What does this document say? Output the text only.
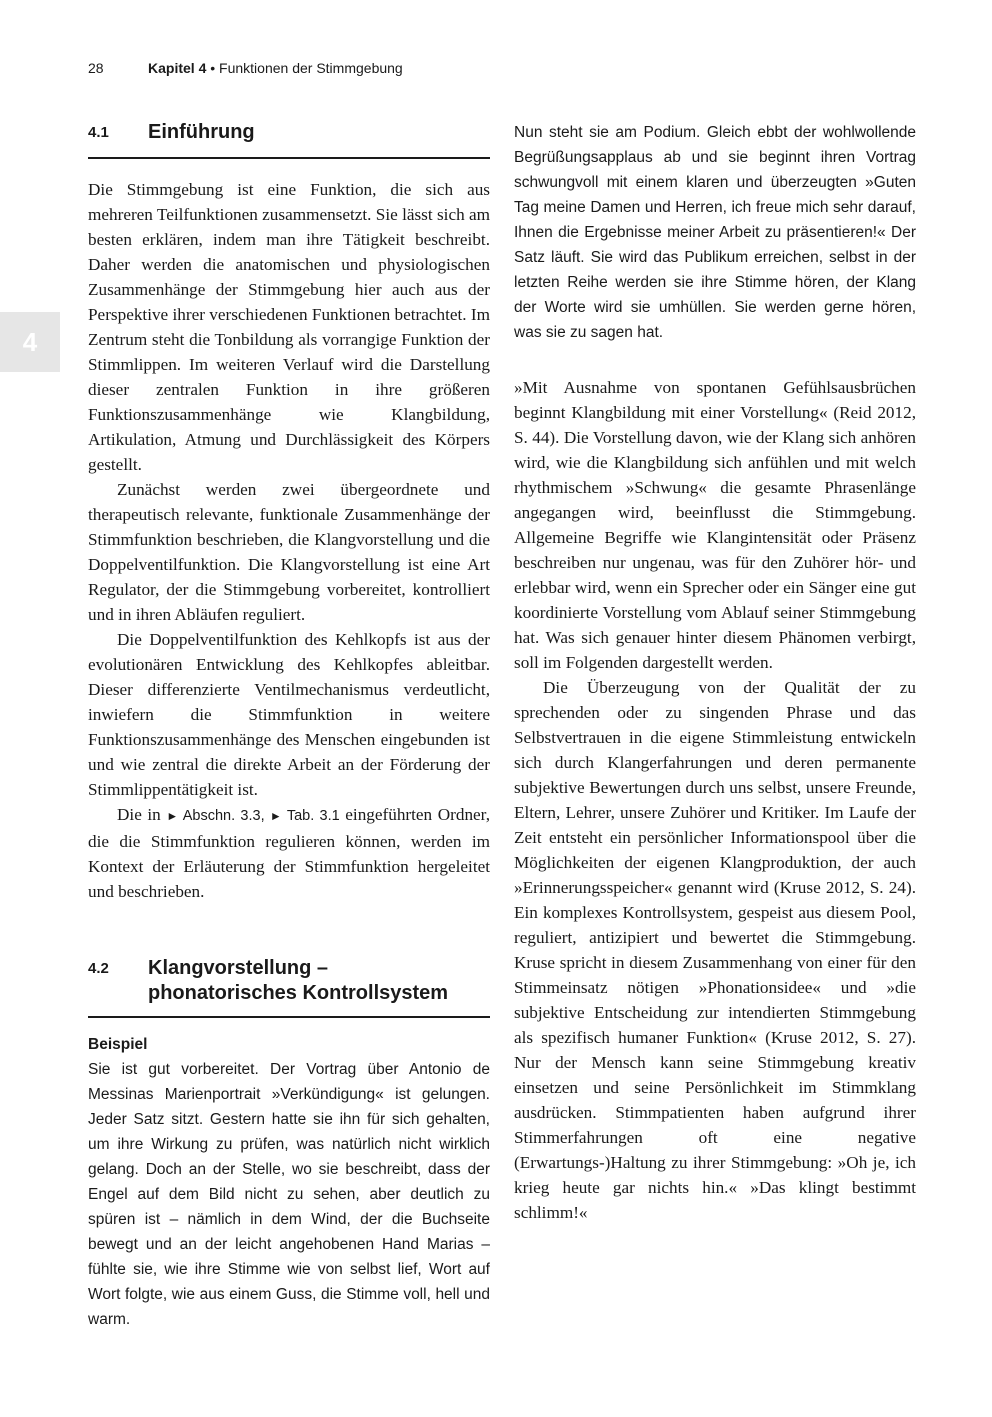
28	Kapitel 4 • Funktionen der Stimmgebung
4
4.1	Einführung

Die Stimmgebung ist eine Funktion, die sich aus mehreren Teilfunktionen zusammensetzt. Sie lässt sich am besten erklären, indem man ihre Tätigkeit beschreibt. Daher werden die anatomischen und physiologischen Zusammenhänge der Stimmgebung hier auch aus der Perspektive ihrer verschiedenen Funktionen betrachtet. Im Zentrum steht die Tonbildung als vorrangige Funktion der Stimmlippen. Im weiteren Verlauf wird die Darstellung dieser zentralen Funktion in ihre größeren Funktionszusammenhänge wie Klangbildung, Artikulation, Atmung und Durchlässigkeit des Körpers gestellt.

Zunächst werden zwei übergeordnete und therapeutisch relevante, funktionale Zusammenhänge der Stimmfunktion beschrieben, die Klangvorstellung und die Doppelventilfunktion. Die Klangvorstellung ist eine Art Regulator, der die Stimmgebung vorbereitet, kontrolliert und in ihren Abläufen reguliert.

Die Doppelventilfunktion des Kehlkopfs ist aus der evolutionären Entwicklung des Kehlkopfes ableitbar. Dieser differenzierte Ventilmechanismus verdeutlicht, inwiefern die Stimmfunktion in weitere Funktionszusammenhänge des Menschen eingebunden ist und wie zentral die direkte Arbeit an der Förderung der Stimmlippentätigkeit ist.

Die in ► Abschn. 3.3, ► Tab. 3.1 eingeführten Ordner, die die Stimmfunktion regulieren können, werden im Kontext der Erläuterung der Stimmfunktion hergeleitet und beschrieben.

4.2	Klangvorstellung –
phonatorisches Kontrollsystem

Beispiel

Sie ist gut vorbereitet. Der Vortrag über Antonio de Messinas Marienportrait »Verkündigung« ist gelungen. Jeder Satz sitzt. Gestern hatte sie ihn für sich gehalten, um ihre Wirkung zu prüfen, was natürlich nicht wirklich gelang. Doch an der Stelle, wo sie beschreibt, dass der Engel auf dem Bild nicht zu sehen, aber deutlich zu spüren ist – nämlich in dem Wind, der die Buchseite bewegt und an der leicht angehobenen Hand Marias – fühlte sie, wie ihre Stimme wie von selbst lief, Wort auf Wort folgte, wie aus einem Guss, die Stimme voll, hell und warm.

Nun steht sie am Podium. Gleich ebbt der wohlwollende Begrüßungsapplaus ab und sie beginnt ihren Vortrag schwungvoll mit einem klaren und überzeugten »Guten Tag meine Damen und Herren, ich freue mich sehr darauf, Ihnen die Ergebnisse meiner Arbeit zu präsentieren!« Der Satz läuft. Sie wird das Publikum erreichen, selbst in der letzten Reihe werden sie ihre Stimme hören, der Klang der Worte wird sie umhüllen. Sie werden gerne hören, was sie zu sagen hat.

»Mit Ausnahme von spontanen Gefühlsausbrüchen beginnt Klangbildung mit einer Vorstellung« (Reid 2012, S. 44). Die Vorstellung davon, wie der Klang sich anhören wird, wie die Klangbildung sich anfühlen und mit welch rhythmischem »Schwung« die gesamte Phrasenlänge angegangen wird, beeinflusst die Stimmgebung. Allgemeine Begriffe wie Klangintensität oder Präsenz beschreiben nur ungenau, was für den Zuhörer hör- und erlebbar wird, wenn ein Sprecher oder ein Sänger eine gut koordinierte Vorstellung vom Ablauf seiner Stimmgebung hat. Was sich genauer hinter diesem Phänomen verbirgt, soll im Folgenden dargestellt werden.

Die Überzeugung von der Qualität der zu sprechenden oder zu singenden Phrase und das Selbstvertrauen in die eigene Stimmleistung entwickeln sich durch Klangerfahrungen und deren permanente subjektive Bewertungen durch uns selbst, unsere Freunde, Eltern, Lehrer, unsere Zuhörer und Kritiker. Im Laufe der Zeit entsteht ein persönlicher Informationspool über die Möglichkeiten der eigenen Klangproduktion, der auch »Erinnerungsspeicher« genannt wird (Kruse 2012, S. 24). Ein komplexes Kontrollsystem, gespeist aus diesem Pool, reguliert, antizipiert und bewertet die Stimmgebung. Kruse spricht in diesem Zusammenhang von einer für den Stimmeinsatz nötigen »Phonationsidee« und »die subjektive Entscheidung zur intendierten Stimmgebung als spezifisch humaner Funktion« (Kruse 2012, S. 27). Nur der Mensch kann seine Stimmgebung kreativ einsetzen und seine Persönlichkeit im Stimmklang ausdrücken. Stimmpatienten haben aufgrund ihrer Stimmerfahrungen oft eine negative (Erwartungs-)Haltung zu ihrer Stimmgebung: »Oh je, ich krieg heute gar nichts hin.« »Das klingt bestimmt schlimm!«
